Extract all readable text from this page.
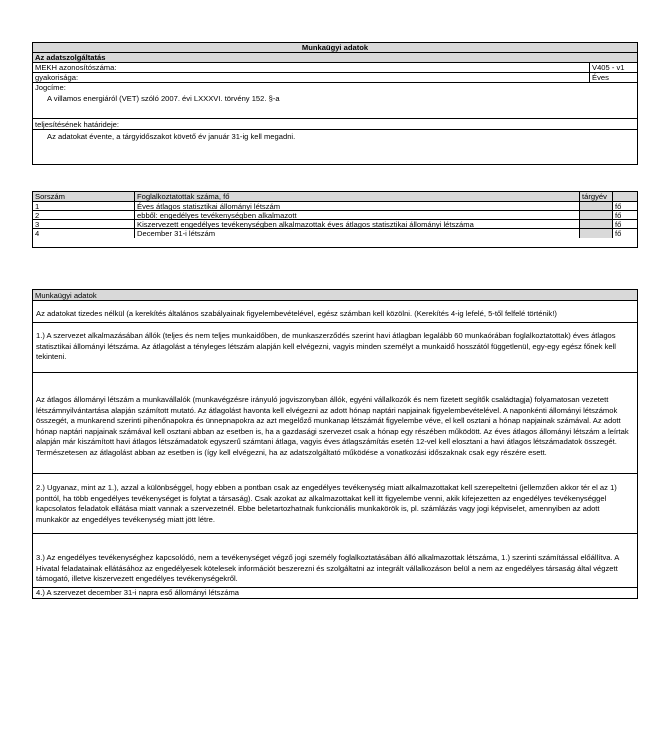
Munkaügyi adatok
Az adatszolgáltatás
MEKH azonosítószáma:	V405 - v1
gyakorisága:	Éves
Jogcíme:
A villamos energiáról (VET) szóló 2007. évi LXXXVI. törvény 152. §-a
teljesítésének határideje:
Az adatokat évente, a tárgyidőszakot követő év január 31-ig kell megadni.
Sorszám	Foglalkoztatottak száma, fő	tárgyév
1	Éves átlagos statisztikai állományi létszám	fő
2	ebből: engedélyes tevékenységben alkalmazott	fő
3	Kiszervezett engedélyes tevékenységben alkalmazottak éves átlagos statisztikai állományi létszáma	fő
4	December 31-i létszám	fő
Munkaügyi adatok
Az adatokat tizedes nélkül (a kerekítés általános szabályainak figyelembevételével, egész számban kell közölni. (Kerekítés 4-ig lefelé, 5-től felfelé történik!)
1.) A szervezet alkalmazásában állók (teljes és nem teljes munkaidőben, de munkaszerződés szerint havi átlagban legalább 60 munkaórában foglalkoztatottak) éves átlagos statisztikai állományi létszáma. Az átlagolást a tényleges létszám alapján kell elvégezni, vagyis minden személyt a munkaidő hosszától függetlenül, egy-egy egész főnek kell tekinteni.
Az átlagos állományi létszám a munkavállalók (munkavégzésre irányuló jogviszonyban állók, egyéni vállalkozók és nem fizetett segítők családtagja) folyamatosan vezetett létszámnyilvántartása alapján számított mutató. Az átlagolást havonta kell elvégezni az adott hónap naptári napjainak figyelembevételével. A naponkénti állományi létszámok összegét, a munkarend szerinti pihenőnapokra és ünnepnapokra az azt megelőző munkanap létszámát figyelembe véve, el kell osztani a hónap napjainak számával. Az adott hónap naptári napjainak számával kell osztani abban az esetben is, ha a gazdasági szervezet csak a hónap egy részében működött. Az éves átlagos állományi létszám a leírtak alapján már kiszámított havi átlagos létszámadatok egyszerű számtani átlaga, vagyis éves átlagszámítás esetén 12-vel kell elosztani a havi átlagos létszámadatok összegét. Természetesen az átlagolást abban az esetben is (így kell elvégezni, ha az adatszolgáltató működése a vonatkozási időszaknak csak egy részére esett.
2.) Ugyanaz, mint az 1.), azzal a különbséggel, hogy ebben a pontban csak az engedélyes tevékenység miatt alkalmazottakat kell szerepeltetni (jellemzően akkor tér el az 1) ponttól, ha több engedélyes tevékenységet is folytat a társaság). Csak azokat az alkalmazottakat kell itt figyelembe venni, akik kifejezetten az engedélyes tevékenységgel kapcsolatos feladatok ellátása miatt vannak a szervezetnél. Ebbe beletartozhatnak funkcionális munkakörök is, pl. számlázás vagy jogi képviselet, amennyiben az adott munkakör az engedélyes tevékenység miatt jött létre.
3.) Az engedélyes tevékenységhez kapcsolódó, nem a tevékenységet végző jogi személy foglalkoztatásában álló alkalmazottak létszáma, 1.) szerinti számítással előállítva. A Hivatal feladatainak ellátásához az engedélyesek kötelesek információt beszerezni és szolgáltatni az integrált vállalkozáson belül a nem az engedélyes társaság által végzett támogató, illetve kiszervezett engedélyes tevékenységekről.
4.) A szervezet december 31-i napra eső állományi létszáma
